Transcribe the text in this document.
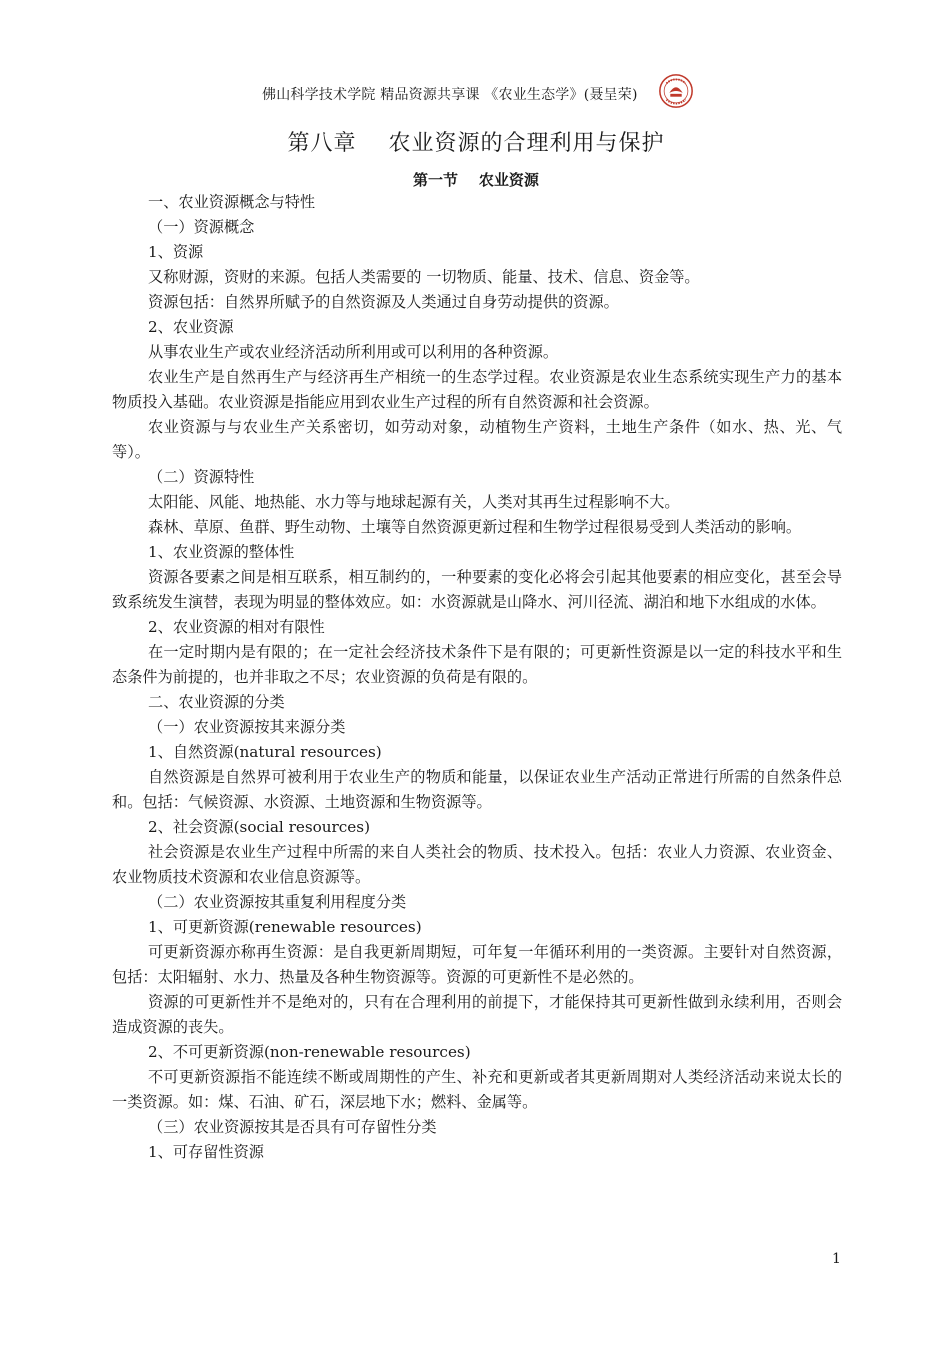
佛山科学技术学院 精品资源共享课 《农业生态学》(聂呈荣)
第八章    农业资源的合理利用与保护
第一节    农业资源

一、农业资源概念与特性

（一）资源概念

1、资源

又称财源，资财的来源。包括人类需要的 一切物质、能量、技术、信息、资金等。

资源包括：自然界所赋予的自然资源及人类通过自身劳动提供的资源。

2、农业资源

从事农业生产或农业经济活动所利用或可以利用的各种资源。

农业生产是自然再生产与经济再生产相统一的生态学过程。农业资源是农业生态系统实现生产力的基本物质投入基础。农业资源是指能应用到农业生产过程的所有自然资源和社会资源。

农业资源与与农业生产关系密切，如劳动对象，动植物生产资料，土地生产条件（如水、热、光、气等）。

（二）资源特性

太阳能、风能、地热能、水力等与地球起源有关，人类对其再生过程影响不大。

森林、草原、鱼群、野生动物、土壤等自然资源更新过程和生物学过程很易受到人类活动的影响。

1、农业资源的整体性

资源各要素之间是相互联系，相互制约的，一种要素的变化必将会引起其他要素的相应变化，甚至会导致系统发生演替，表现为明显的整体效应。如：水资源就是山降水、河川径流、湖泊和地下水组成的水体。

2、农业资源的相对有限性

在一定时期内是有限的；在一定社会经济技术条件下是有限的；可更新性资源是以一定的科技水平和生态条件为前提的，也并非取之不尽；农业资源的负荷是有限的。

二、农业资源的分类

（一）农业资源按其来源分类

1、自然资源(natural resources)

自然资源是自然界可被利用于农业生产的物质和能量，以保证农业生产活动正常进行所需的自然条件总和。包括：气候资源、水资源、土地资源和生物资源等。

2、社会资源(social resources)

社会资源是农业生产过程中所需的来自人类社会的物质、技术投入。包括：农业人力资源、农业资金、农业物质技术资源和农业信息资源等。

（二）农业资源按其重复利用程度分类

1、可更新资源(renewable resources)

可更新资源亦称再生资源：是自我更新周期短，可年复一年循环利用的一类资源。主要针对自然资源，包括：太阳辐射、水力、热量及各种生物资源等。资源的可更新性不是必然的。

资源的可更新性并不是绝对的，只有在合理利用的前提下，才能保持其可更新性做到永续利用，否则会造成资源的丧失。

2、不可更新资源(non-renewable resources)

不可更新资源指不能连续不断或周期性的产生、补充和更新或者其更新周期对人类经济活动来说太长的一类资源。如：煤、石油、矿石，深层地下水；燃料、金属等。

（三）农业资源按其是否具有可存留性分类

1、可存留性资源

1
